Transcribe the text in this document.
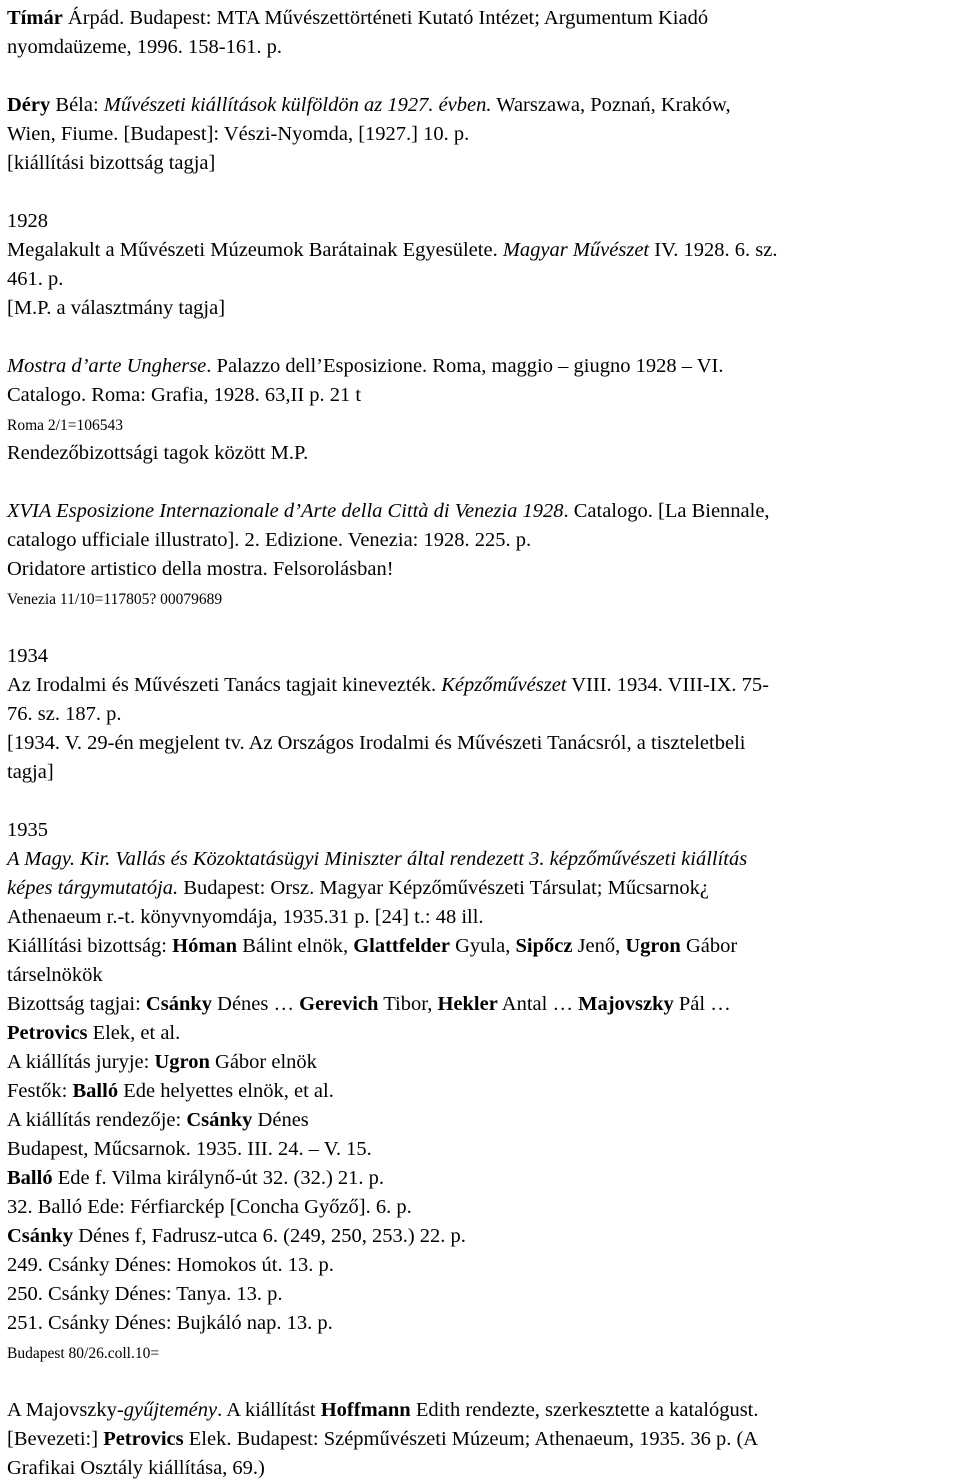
Tímár Árpád. Budapest: MTA Művészettörténeti Kutató Intézet; Argumentum Kiadó
nyomdaüzeme, 1996. 158-161. p.
Déry Béla: Művészeti kiállítások külföldön az 1927. évben. Warszawa, Poznań, Kraków,
Wien, Fiume. [Budapest]: Vészi-Nyomda, [1927.] 10. p.
[kiállítási bizottság tagja]
1928
Megalakult a Művészeti Múzeumok Barátainak Egyesülete. Magyar Művészet IV. 1928. 6. sz.
461. p.
[M.P. a választmány tagja]
Mostra d’arte Ungherse. Palazzo dell’Esposizione. Roma, maggio – giugno 1928 – VI.
Catalogo. Roma: Grafia, 1928. 63,II p. 21 t
Roma 2/1=106543
Rendezőbizottsági tagok között M.P.
XVIA Esposizione Internazionale d’Arte della Città di Venezia 1928. Catalogo. [La Biennale,
catalogo ufficiale illustrato]. 2. Edizione. Venezia: 1928. 225. p.
Oridatore artistico della mostra. Felsorolásban!
Venezia 11/10=117805? 00079689
1934
Az Irodalmi és Művészeti Tanács tagjait kinevezték. Képzőművészet VIII. 1934. VIII-IX. 75-
76. sz. 187. p.
[1934. V. 29-én megjelent tv. Az Országos Irodalmi és Művészeti Tanácsról, a tiszteletbeli
tagja]
1935
A Magy. Kir. Vallás és Közoktatásügyi Miniszter által rendezett 3. képzőművészeti kiállítás
képes tárgymutatója. Budapest: Orsz. Magyar Képzőművészeti Társulat; Műcsarnok¿
Athenaeum r.-t. könyvnyomdája, 1935.31 p. [24] t.: 48 ill.
Kiállítási bizottság: Hóman Bálint elnök, Glattfelder Gyula, Sipőcz Jenő, Ugron Gábor
társelnökök
Bizottság tagjai: Csánky Dénes … Gerevich Tibor, Hekler Antal … Majovszky Pál …
Petrovics Elek, et al.
A kiállítás juryje: Ugron Gábor elnök
Festők: Balló Ede helyettes elnök, et al.
A kiállítás rendezője: Csánky Dénes
Budapest, Műcsarnok. 1935. III. 24. – V. 15.
Balló Ede f. Vilma királynő-út 32. (32.) 21. p.
32. Balló Ede: Férfiarckép [Concha Győző]. 6. p.
Csánky Dénes f, Fadrusz-utca 6. (249, 250, 253.) 22. p.
249. Csánky Dénes: Homokos út. 13. p.
250. Csánky Dénes: Tanya. 13. p.
251. Csánky Dénes: Bujkáló nap. 13. p.
Budapest 80/26.coll.10=
A Majovszky-gyűjtemény. A kiállítást Hoffmann Edith rendezte, szerkesztette a katalógust.
[Bevezeti:] Petrovics Elek. Budapest: Szépművészeti Múzeum; Athenaeum, 1935. 36 p. (A
Grafikai Osztály kiállítása, 69.)
